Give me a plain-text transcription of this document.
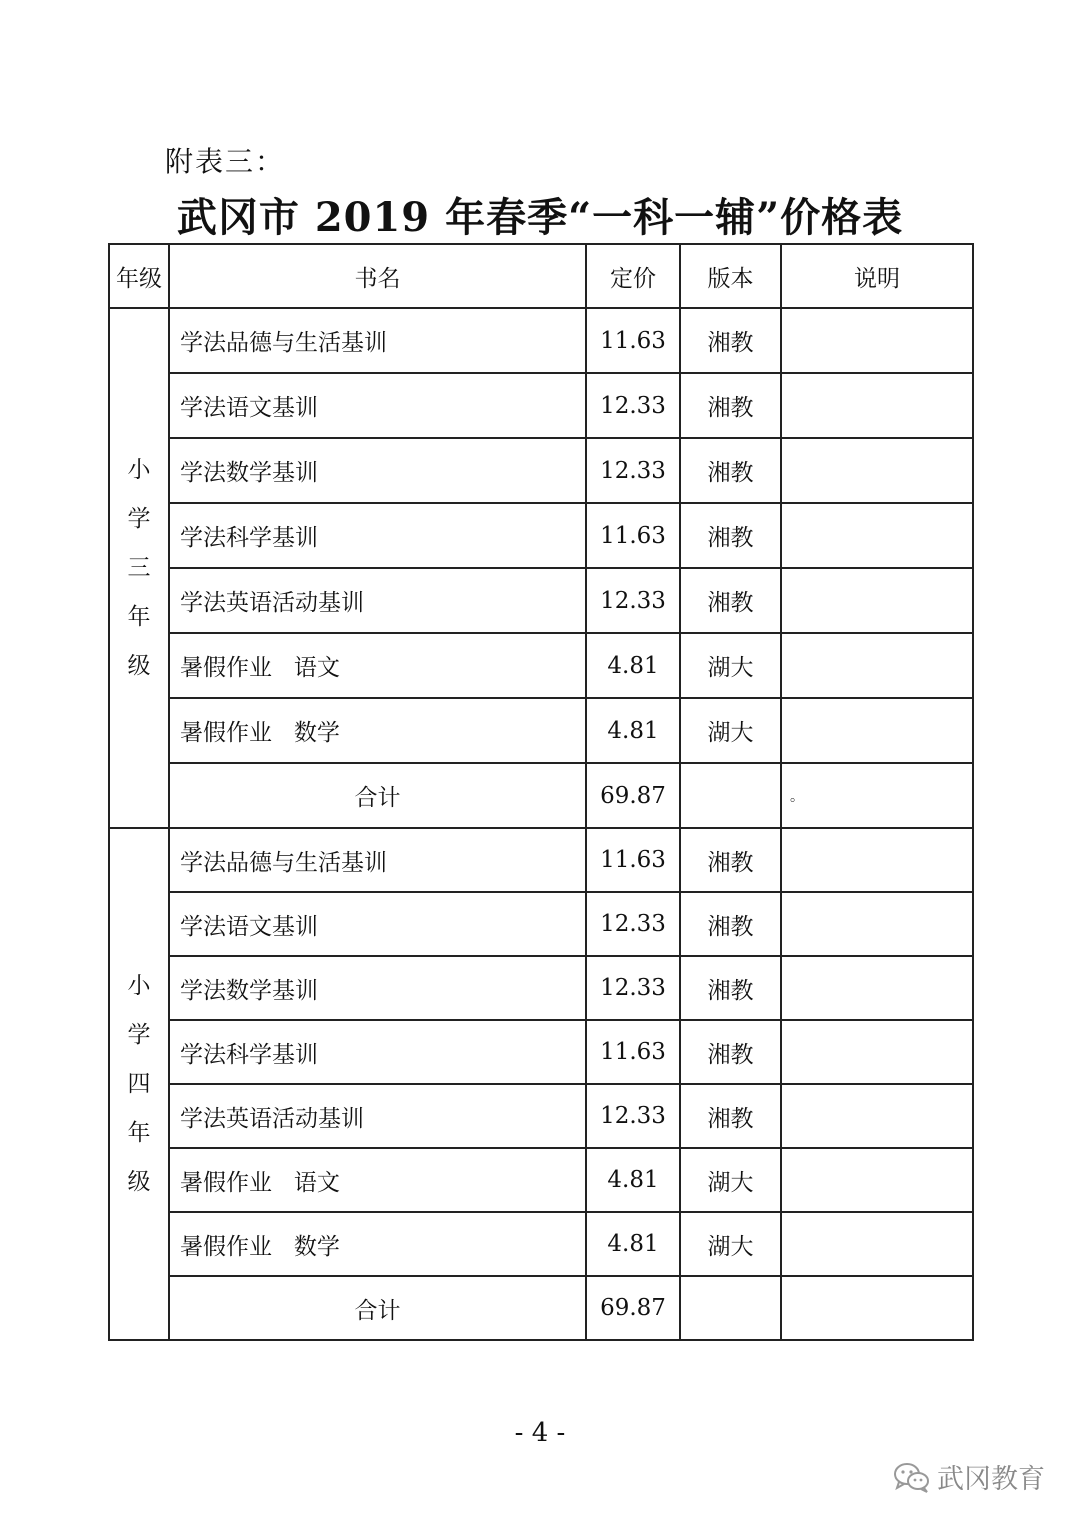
附表三：
武冈市 2019 年春季“一科一辅”价格表
年级	书名	定价	版本	说明

小
学
三
年
级	学法品德与生活基训	11.63	湘教	
	学法语文基训	12.33	湘教	
	学法数学基训	12.33	湘教	
	学法科学基训	11.63	湘教	
	学法英语活动基训	12.33	湘教	
	暑假作业   语文	4.81	湖大	
	暑假作业   数学	4.81	湖大	
	合计	69.87		。

小
学
四
年
级	学法品德与生活基训	11.63	湘教	
	学法语文基训	12.33	湘教	
	学法数学基训	12.33	湘教	
	学法科学基训	11.63	湘教	
	学法英语活动基训	12.33	湘教	
	暑假作业   语文	4.81	湖大	
	暑假作业   数学	4.81	湖大	
	合计	69.87		
- 4 -
武冈教育
